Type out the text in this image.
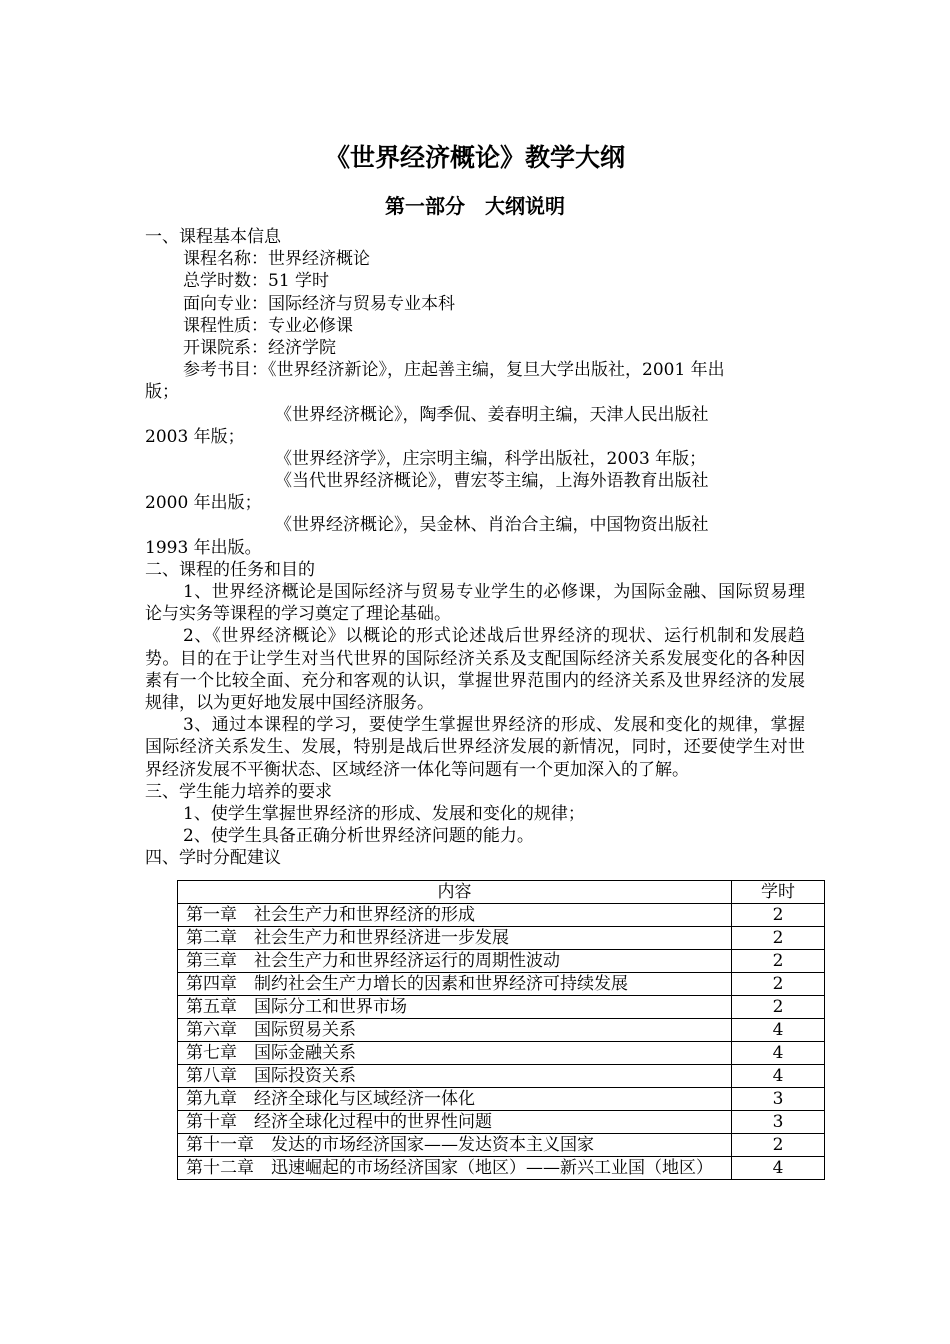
《世界经济概论》教学大纲
第一部分　大纲说明
一、课程基本信息
课程名称：世界经济概论
总学时数：51 学时
面向专业：国际经济与贸易专业本科
课程性质：专业必修课
开课院系：经济学院
参考书目：《世界经济新论》，庄起善主编，复旦大学出版社，2001 年出
版；
《世界经济概论》，陶季侃、姜春明主编，天津人民出版社
2003 年版；
《世界经济学》，庄宗明主编，科学出版社，2003 年版；
《当代世界经济概论》，曹宏苓主编，上海外语教育出版社
2000 年出版；
《世界经济概论》，吴金林、肖治合主编，中国物资出版社
1993 年出版。
二、课程的任务和目的
1、世界经济概论是国际经济与贸易专业学生的必修课，为国际金融、国际贸易理论与实务等课程的学习奠定了理论基础。
2、《世界经济概论》以概论的形式论述战后世界经济的现状、运行机制和发展趋势。目的在于让学生对当代世界的国际经济关系及支配国际经济关系发展变化的各种因素有一个比较全面、充分和客观的认识，掌握世界范围内的经济关系及世界经济的发展规律，以为更好地发展中国经济服务。
3、通过本课程的学习，要使学生掌握世界经济的形成、发展和变化的规律，掌握国际经济关系发生、发展，特别是战后世界经济发展的新情况，同时，还要使学生对世界经济发展不平衡状态、区域经济一体化等问题有一个更加深入的了解。
三、学生能力培养的要求
1、使学生掌握世界经济的形成、发展和变化的规律；
2、使学生具备正确分析世界经济问题的能力。
四、学时分配建议
内容	学时
第一章　社会生产力和世界经济的形成	2
第二章　社会生产力和世界经济进一步发展	2
第三章　社会生产力和世界经济运行的周期性波动	2
第四章　制约社会生产力增长的因素和世界经济可持续发展	2
第五章　国际分工和世界市场	2
第六章　国际贸易关系	4
第七章　国际金融关系	4
第八章　国际投资关系	4
第九章　经济全球化与区域经济一体化	3
第十章　经济全球化过程中的世界性问题	3
第十一章　发达的市场经济国家——发达资本主义国家	2
第十二章　迅速崛起的市场经济国家（地区）——新兴工业国（地区）	4
